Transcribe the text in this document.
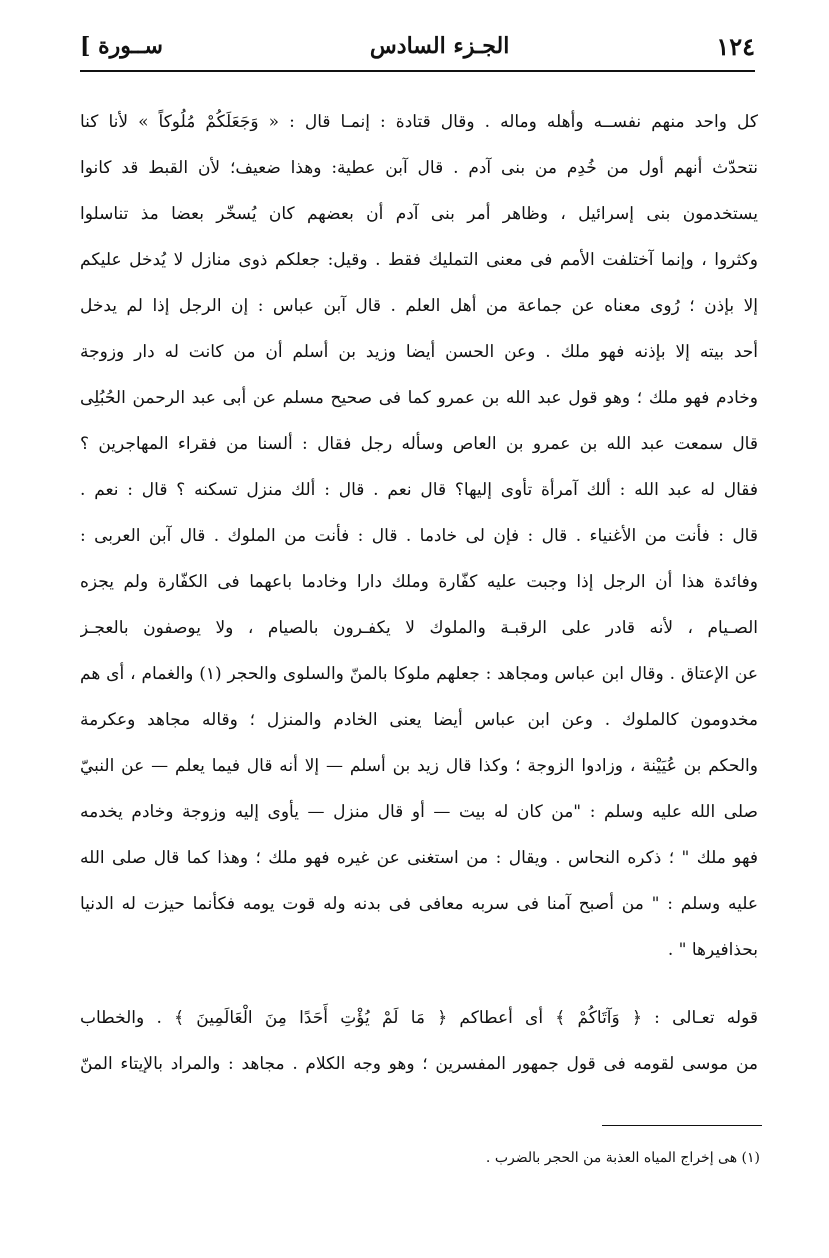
[ ســورة	الجـزء السادس	١٢٤
كل واحد منهم نفســه وأهله وماله . وقال قتادة : إنمـا قال : « وَجَعَلَكُمْ مُلُوكاً » لأنا كنا
نتحدّث أنهم أول من خُدِم من بنى آدم . قال آبن عطية: وهذا ضعيف؛ لأن القبط قد كانوا
يستخدمون بنى إسرائيل ، وظاهر أمر بنى آدم أن بعضهم كان يُسخّر بعضا مذ تناسلوا
وكثروا ، وإنما آختلفت الأمم فى معنى التمليك فقط . وقيل: جعلكم ذوى منازل لا يُدخل عليكم
إلا بإذن ؛ رُوى معناه عن جماعة من أهل العلم . قال آبن عباس : إن الرجل إذا لم يدخل
أحد بيته إلا بإذنه فهو ملك . وعن الحسن أيضا وزيد بن أسلم أن من كانت له دار وزوجة
وخادم فهو ملك ؛ وهو قول عبد الله بن عمرو كما فى صحيح مسلم عن أبى عبد الرحمن الحُبُلِى
قال سمعت عبد الله بن عمرو بن العاص وسأله رجل فقال : ألسنا من فقراء المهاجرين ؟
فقال له عبد الله : ألك آمرأة تأوى إليها؟ قال نعم . قال : ألك منزل تسكنه ؟ قال : نعم .
قال : فأنت من الأغنياء . قال : فإن لى خادما . قال : فأنت من الملوك . قال آبن العربى :
وفائدة هذا أن الرجل إذا وجبت عليه كفّارة وملك دارا وخادما باعهما فى الكفّارة ولم يجزه
الصـيام ، لأنه قادر على الرقبـة والملوك لا يكفـرون بالصيام ، ولا يوصفون بالعجـز
عن الإعتاق . وقال ابن عباس ومجاهد : جعلهم ملوكا بالمنّ والسلوى والحجر (١) والغمام ، أى هم
مخدومون كالملوك . وعن ابن عباس أيضا يعنى الخادم والمنزل ؛ وقاله مجاهد وعكرمة
والحكم بن عُيَيْنة ، وزادوا الزوجة ؛ وكذا قال زيد بن أسلم — إلا أنه قال فيما يعلم — عن النبيّ
صلى الله عليه وسلم : "من كان له بيت — أو قال منزل — يأوى إليه وزوجة وخادم يخدمه
فهو ملك " ؛ ذكره النحاس . ويقال : من استغنى عن غيره فهو ملك ؛ وهذا كما قال صلى الله
عليه وسلم : " من أصبح آمنا فى سربه معافى فى بدنه وله قوت يومه فكأنما حيزت له الدنيا
بحذافيرها " .
قوله تعـالى : ﴿ وَآتَاكُمْ ﴾ أى أعطاكم ﴿ مَا لَمْ يُؤْتِ أَحَدًا مِنَ الْعَالَمِينَ ﴾ . والخطاب
من موسى لقومه فى قول جمهور المفسرين ؛ وهو وجه الكلام . مجاهد : والمراد بالإيتاء المنّ
(١) هى إخراج المياه العذبة من الحجر بالضرب .
